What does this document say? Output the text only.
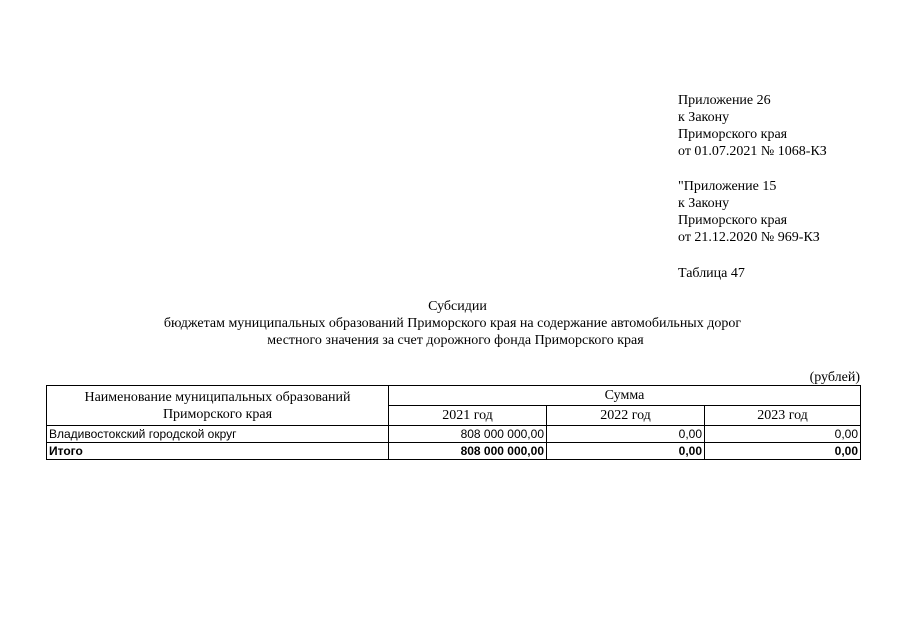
Приложение 26
к Закону
Приморского края
от 01.07.2021 № 1068-КЗ
"Приложение 15
к Закону
Приморского края
от 21.12.2020 № 969-КЗ
Таблица 47
Субсидии
бюджетам муниципальных образований Приморского края на содержание автомобильных дорог
местного значения за счет дорожного фонда Приморского края
(рублей)
Наименование муниципальных образований Приморского края	Сумма		
	2021 год	2022 год	2023 год
Владивостокский городской округ	808 000 000,00	0,00	0,00
Итого	808 000 000,00	0,00	0,00
